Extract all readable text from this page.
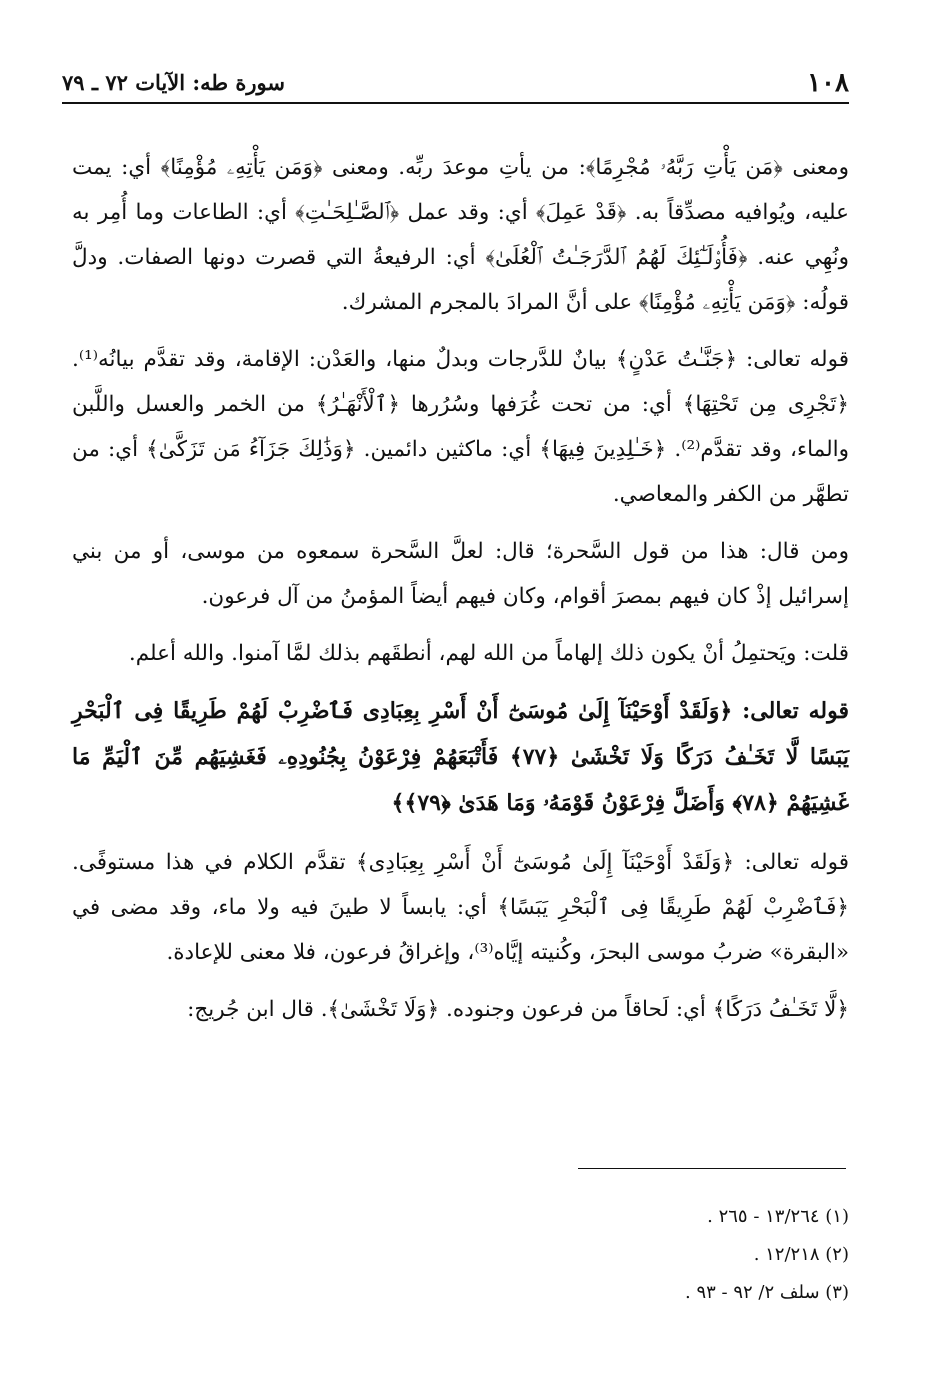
١٠٨
سورة طه: الآيات ٧٢ ـ ٧٩

ومعنى ﴿مَن يَأْتِ رَبَّهُۥ مُجْرِمًا﴾: من يأتِ موعدَ ربِّه. ومعنى ﴿وَمَن يَأْتِهِۦ مُؤْمِنًا﴾ أي: يمت عليه، ويُوافيه مصدِّقاً به. ﴿قَدْ عَمِلَ﴾ أي: وقد عمل ﴿ٱلصَّـٰلِحَـٰتِ﴾ أي: الطاعات وما أُمِر به ونُهِي عنه. ﴿فَأُو۟لَـٰٓئِكَ لَهُمُ ٱلدَّرَجَـٰتُ ٱلْعُلَىٰ﴾ أي: الرفيعةُ التي قصرت دونها الصفات. ودلَّ قولُه: ﴿وَمَن يَأْتِهِۦ مُؤْمِنًا﴾ على أنَّ المرادَ بالمجرم المشرك.

قوله تعالى: ﴿جَنَّـٰتُ عَدْنٍ﴾ بيانٌ للدَّرجات وبدلٌ منها، والعَدْن: الإقامة، وقد تقدَّم بيانُه⁽¹⁾. ﴿تَجْرِى مِن تَحْتِهَا﴾ أي: من تحت غُرَفها وسُرُرها ﴿ٱلْأَنْهَـٰرُ﴾ من الخمر والعسل واللَّبن والماء، وقد تقدَّم⁽²⁾. ﴿خَـٰلِدِينَ فِيهَا﴾ أي: ماكثين دائمين. ﴿وَذَٰلِكَ جَزَآءُ مَن تَزَكَّىٰ﴾ أي: من تطهَّر من الكفر والمعاصي.

ومن قال: هذا من قول السَّحرة؛ قال: لعلَّ السَّحرة سمعوه من موسى، أو من بني إسرائيل إذْ كان فيهم بمصرَ أقوام، وكان فيهم أيضاً المؤمنُ من آل فرعون.

قلت: ويَحتمِلُ أنْ يكون ذلك إلهاماً من الله لهم، أنطقَهم بذلك لمَّا آمنوا. والله أعلم.

قوله تعالى: ﴿وَلَقَدْ أَوْحَيْنَآ إِلَىٰ مُوسَىٰٓ أَنْ أَسْرِ بِعِبَادِى فَٱضْرِبْ لَهُمْ طَرِيقًا فِى ٱلْبَحْرِ يَبَسًا لَّا تَخَـٰفُ دَرَكًا وَلَا تَخْشَىٰ ﴿٧٧﴾ فَأَتْبَعَهُمْ فِرْعَوْنُ بِجُنُودِهِۦ فَغَشِيَهُم مِّنَ ٱلْيَمِّ مَا غَشِيَهُمْ ﴿٧٨﴾ وَأَضَلَّ فِرْعَوْنُ قَوْمَهُۥ وَمَا هَدَىٰ ﴿٧٩﴾﴾

قوله تعالى: ﴿وَلَقَدْ أَوْحَيْنَآ إِلَىٰ مُوسَىٰٓ أَنْ أَسْرِ بِعِبَادِى﴾ تقدَّم الكلام في هذا مستوفًى. ﴿فَٱضْرِبْ لَهُمْ طَرِيقًا فِى ٱلْبَحْرِ يَبَسًا﴾ أي: يابساً لا طينَ فيه ولا ماء، وقد مضى في «البقرة» ضربُ موسى البحرَ، وكُنيته إيَّاه⁽³⁾، وإغراقُ فرعون، فلا معنى للإعادة.

﴿لَّا تَخَـٰفُ دَرَكًا﴾ أي: لَحاقاً من فرعون وجنوده. ﴿وَلَا تَخْشَىٰ﴾. قال ابن جُريج:

(١) ١٣/٢٦٤ - ٢٦٥ .
(٢) ١٢/٢١٨ .
(٣) سلف ٢/ ٩٢ - ٩٣ .
